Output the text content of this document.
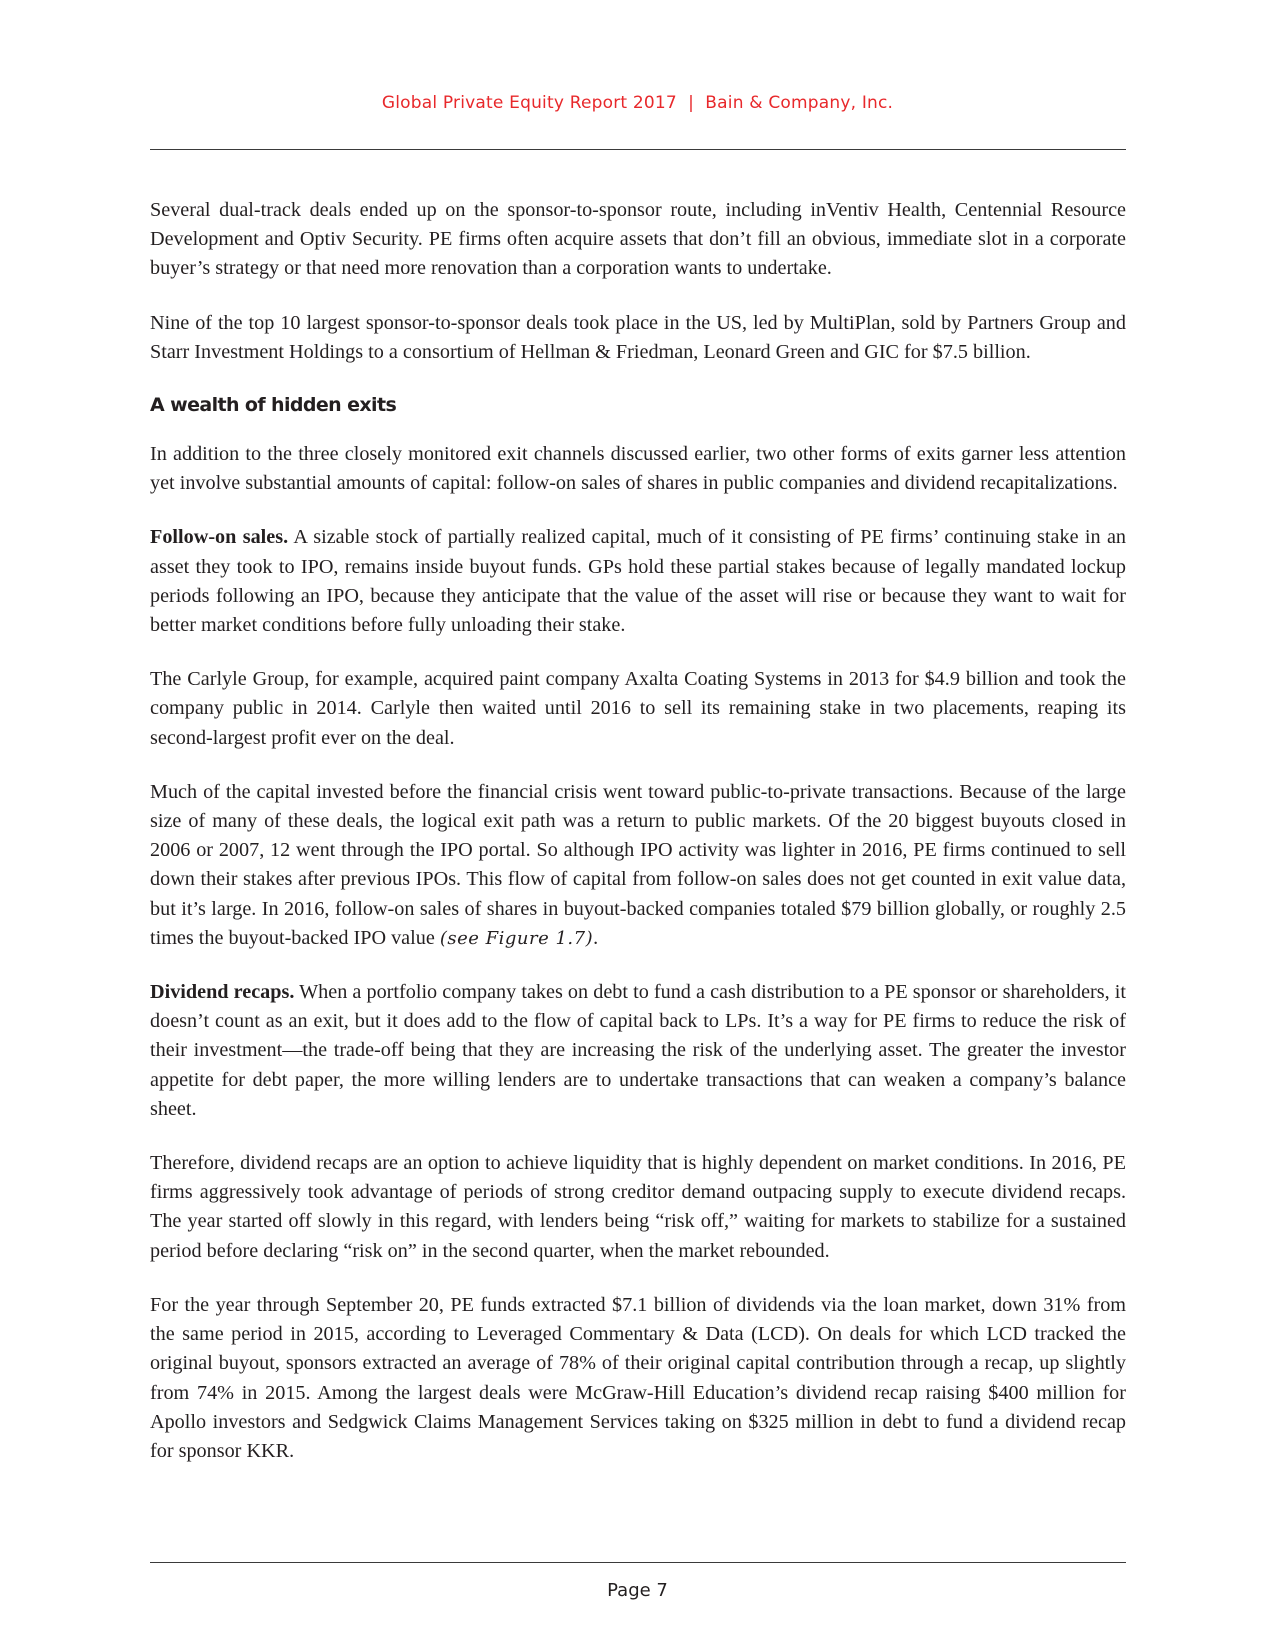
Global Private Equity Report 2017 | Bain & Company, Inc.

Several dual-track deals ended up on the sponsor-to-sponsor route, including inVentiv Health, Centennial Resource Development and Optiv Security. PE firms often acquire assets that don’t fill an obvious, immediate slot in a corporate buyer’s strategy or that need more renovation than a corporation wants to undertake.

Nine of the top 10 largest sponsor-to-sponsor deals took place in the US, led by MultiPlan, sold by Partners Group and Starr Investment Holdings to a consortium of Hellman & Friedman, Leonard Green and GIC for $7.5 billion.

A wealth of hidden exits

In addition to the three closely monitored exit channels discussed earlier, two other forms of exits garner less attention yet involve substantial amounts of capital: follow-on sales of shares in public companies and dividend recapitalizations.

Follow-on sales. A sizable stock of partially realized capital, much of it consisting of PE firms’ continuing stake in an asset they took to IPO, remains inside buyout funds. GPs hold these partial stakes because of legally mandated lockup periods following an IPO, because they anticipate that the value of the asset will rise or because they want to wait for better market conditions before fully unloading their stake.

The Carlyle Group, for example, acquired paint company Axalta Coating Systems in 2013 for $4.9 billion and took the company public in 2014. Carlyle then waited until 2016 to sell its remaining stake in two placements, reaping its second-largest profit ever on the deal.

Much of the capital invested before the financial crisis went toward public-to-private transactions. Because of the large size of many of these deals, the logical exit path was a return to public markets. Of the 20 biggest buyouts closed in 2006 or 2007, 12 went through the IPO portal. So although IPO activity was lighter in 2016, PE firms continued to sell down their stakes after previous IPOs. This flow of capital from follow-on sales does not get counted in exit value data, but it’s large. In 2016, follow-on sales of shares in buyout-backed companies totaled $79 billion globally, or roughly 2.5 times the buyout-backed IPO value (see Figure 1.7).

Dividend recaps. When a portfolio company takes on debt to fund a cash distribution to a PE sponsor or shareholders, it doesn’t count as an exit, but it does add to the flow of capital back to LPs. It’s a way for PE firms to reduce the risk of their investment—the trade-off being that they are increasing the risk of the underlying asset. The greater the investor appetite for debt paper, the more willing lenders are to undertake transactions that can weaken a company’s balance sheet.

Therefore, dividend recaps are an option to achieve liquidity that is highly dependent on market conditions. In 2016, PE firms aggressively took advantage of periods of strong creditor demand outpacing supply to execute dividend recaps. The year started off slowly in this regard, with lenders being “risk off,” waiting for markets to stabilize for a sustained period before declaring “risk on” in the second quarter, when the market rebounded.

For the year through September 20, PE funds extracted $7.1 billion of dividends via the loan market, down 31% from the same period in 2015, according to Leveraged Commentary & Data (LCD). On deals for which LCD tracked the original buyout, sponsors extracted an average of 78% of their original capital contribution through a recap, up slightly from 74% in 2015. Among the largest deals were McGraw-Hill Education’s dividend recap raising $400 million for Apollo investors and Sedgwick Claims Management Services taking on $325 million in debt to fund a dividend recap for sponsor KKR.

Page 7
